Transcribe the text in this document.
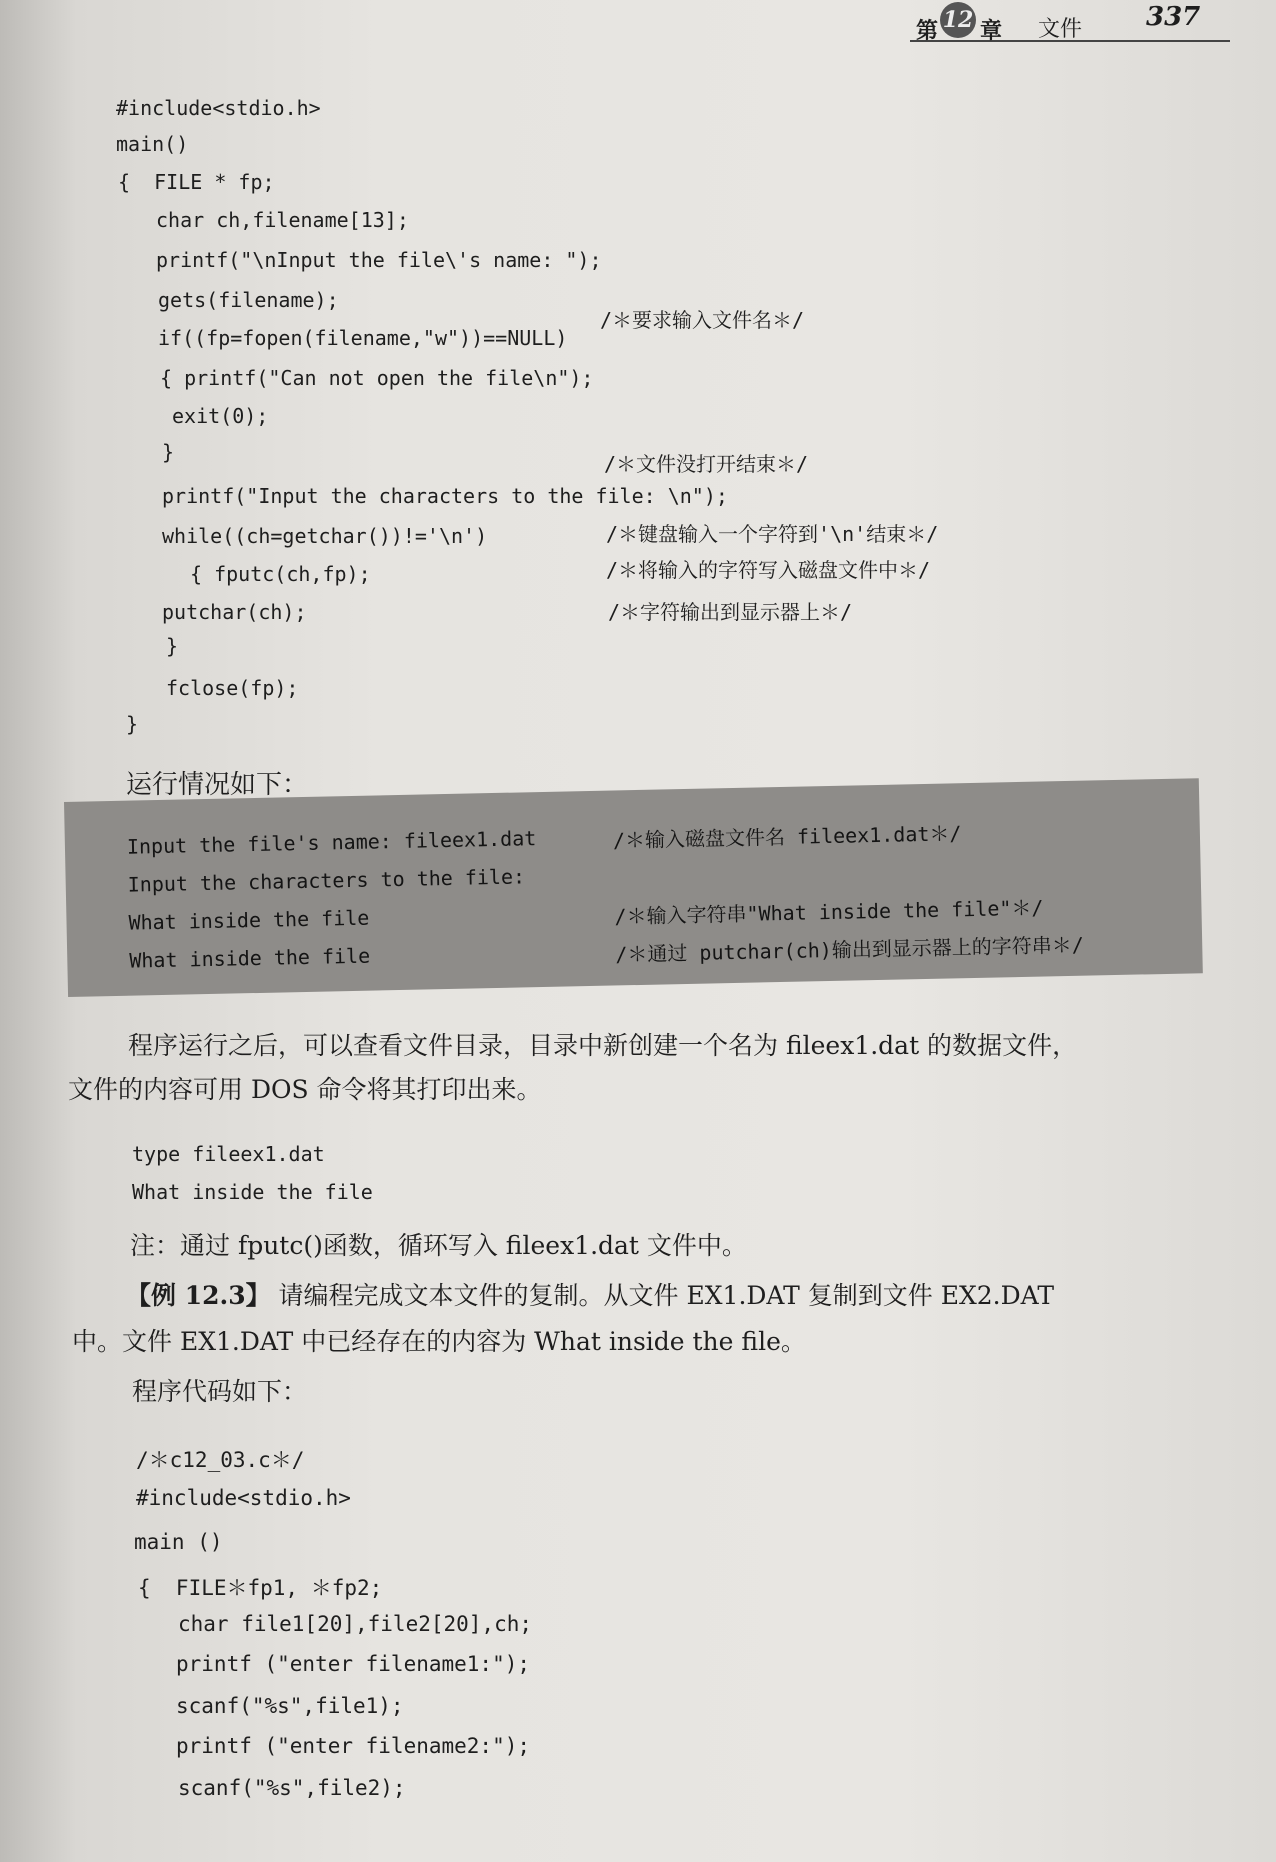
第 12 章 文件 337

#include<stdio.h>

main()

{  FILE * fp;

char ch,filename[13];

printf("\nInput the file\'s name: ");

gets(filename);

if((fp=fopen(filename,"w"))==NULL)

{ printf("Can not open the file\n");

exit(0);

}

printf("Input the characters to the file: \n");

while((ch=getchar())!='\n')

{ fputc(ch,fp);

putchar(ch);

}

fclose(fp);

}

/＊要求输入文件名＊/

/＊文件没打开结束＊/

/＊键盘输入一个字符到'\n'结束＊/

/＊将输入的字符写入磁盘文件中＊/

/＊字符输出到显示器上＊/

运行情况如下：
Input the file's name: fileex1.dat
Input the characters to the file:
What inside the file
What inside the file
/＊输入磁盘文件名 fileex1.dat＊/
/＊输入字符串"What inside the file"＊/
/＊通过 putchar(ch)输出到显示器上的字符串＊/
程序运行之后，可以查看文件目录，目录中新创建一个名为 fileex1.dat 的数据文件，
文件的内容可用 DOS 命令将其打印出来。
type fileex1.dat
What inside the file
注：通过 fputc()函数，循环写入 fileex1.dat 文件中。
【例 12.3】 请编程完成文本文件的复制。从文件 EX1.DAT 复制到文件 EX2.DAT
中。文件 EX1.DAT 中已经存在的内容为 What inside the file。
程序代码如下：

/＊c12_03.c＊/

#include<stdio.h>

main ()

{  FILE＊fp1, ＊fp2;

char file1[20],file2[20],ch;

printf ("enter filename1:");

scanf("%s",file1);

printf ("enter filename2:");

scanf("%s",file2);
